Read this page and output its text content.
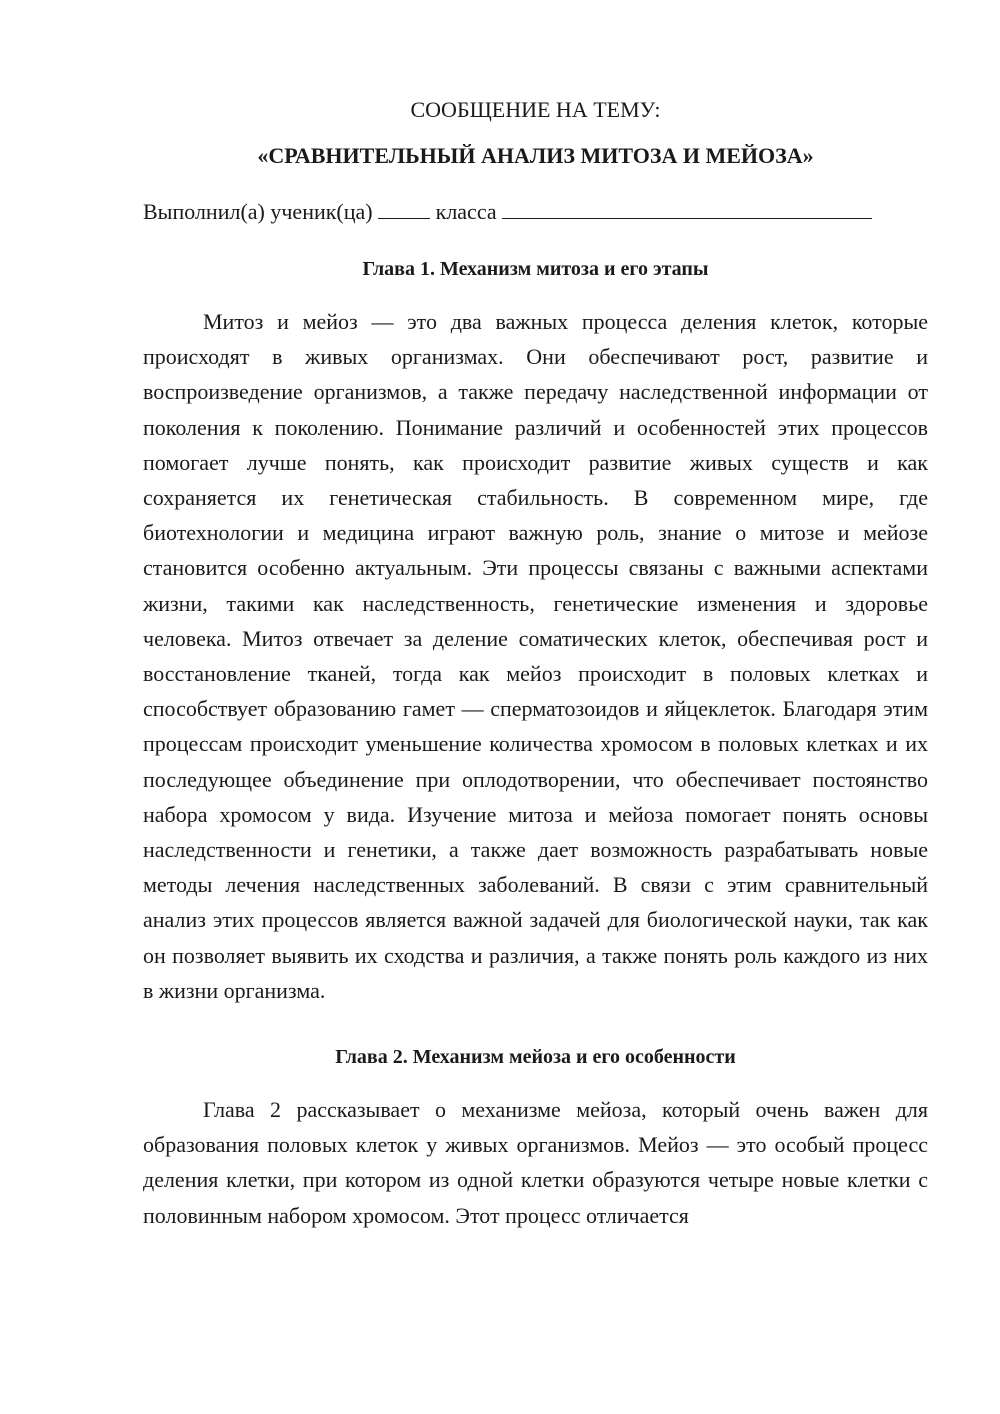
СООБЩЕНИЕ НА ТЕМУ:

«СРАВНИТЕЛЬНЫЙ АНАЛИЗ МИТОЗА И МЕЙОЗА»

Выполнил(а) ученик(ца)	класса
Глава 1. Механизм митоза и его этапы

Митоз и мейоз — это два важных процесса деления клеток, которые происходят в живых организмах. Они обеспечивают рост, развитие и воспроизведение организмов, а также передачу наследственной информации от поколения к поколению. Понимание различий и особенностей этих процессов помогает лучше понять, как происходит развитие живых существ и как сохраняется их генетическая стабильность. В современном мире, где биотехнологии и медицина играют важную роль, знание о митозе и мейозе становится особенно актуальным. Эти процессы связаны с важными аспектами жизни, такими как наследственность, генетические изменения и здоровье человека. Митоз отвечает за деление соматических клеток, обеспечивая рост и восстановление тканей, тогда как мейоз происходит в половых клетках и способствует образованию гамет — сперматозоидов и яйцеклеток. Благодаря этим процессам происходит уменьшение количества хромосом в половых клетках и их последующее объединение при оплодотворении, что обеспечивает постоянство набора хромосом у вида. Изучение митоза и мейоза помогает понять основы наследственности и генетики, а также дает возможность разрабатывать новые методы лечения наследственных заболеваний. В связи с этим сравнительный анализ этих процессов является важной задачей для биологической науки, так как он позволяет выявить их сходства и различия, а также понять роль каждого из них в жизни организма.

Глава 2. Механизм мейоза и его особенности

Глава 2 рассказывает о механизме мейоза, который очень важен для образования половых клеток у живых организмов. Мейоз — это особый процесс деления клетки, при котором из одной клетки образуются четыре новые клетки с половинным набором хромосом. Этот процесс отличается
